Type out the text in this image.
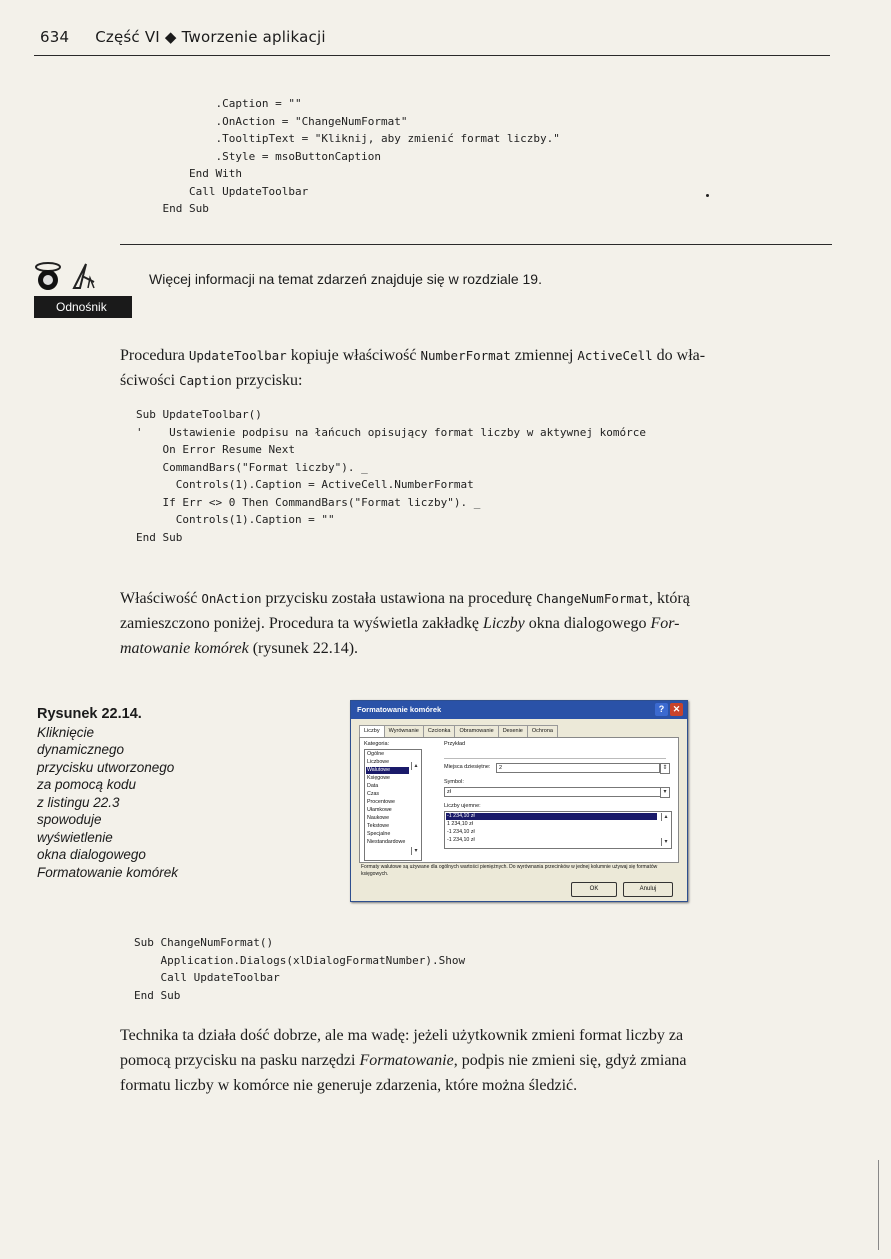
634 Część VI ◆ Tworzenie aplikacji
.Caption = ""
.OnAction = "ChangeNumFormat"
.TooltipText = "Kliknij, aby zmienić format liczby."
.Style = msoButtonCaption
End With
Call UpdateToolbar
End Sub
Odnośnik
Więcej informacji na temat zdarzeń znajduje się w rozdziale 19.

Procedura UpdateToolbar kopiuje właściwość NumberFormat zmiennej ActiveCell do wła-
ściwości Caption przycisku:

Sub UpdateToolbar()
'    Ustawienie podpisu na łańcuch opisujący format liczby w aktywnej komórce
On Error Resume Next
CommandBars("Format liczby"). _
Controls(1).Caption = ActiveCell.NumberFormat
If Err <> 0 Then CommandBars("Format liczby"). _
Controls(1).Caption = ""
End Sub

Właściwość OnAction przycisku została ustawiona na procedurę ChangeNumFormat, którą
zamieszczono poniżej. Procedura ta wyświetla zakładkę Liczby okna dialogowego For-
matowanie komórek (rysunek 22.14).

Rysunek 22.14.
Kliknięcie
dynamicznego
przycisku utworzonego
za pomocą kodu
z listingu 22.3
spowoduje
wyświetlenie
okna dialogowego
Formatowanie komórek
Formatowanie komórek	? ✕
Liczby	Wyrównanie	Czcionka	Obramowanie	Desenie	Ochrona
Kategoria:
Ogólne
Liczbowe
Walutowe
Księgowe
Data
Czas
Procentowe
Ułamkowe
Naukowe
Tekstowe
Specjalne
Niestandardowe
▴
▾
Przykład
Miejsca dziesiętne:	2	⇕
Symbol:
zł	▾
Liczby ujemne:
-1 234,10 zł
1 234,10 zł
-1 234,10 zł
-1 234,10 zł
▴
▾
Formaty walutowe są używane dla ogólnych wartości pieniężnych. Do wyrównania przecinków w jednej kolumnie używaj się formatów księgowych.
OK	Anuluj
Sub ChangeNumFormat()
Application.Dialogs(xlDialogFormatNumber).Show
Call UpdateToolbar
End Sub

Technika ta działa dość dobrze, ale ma wadę: jeżeli użytkownik zmieni format liczby za
pomocą przycisku na pasku narzędzi Formatowanie, podpis nie zmieni się, gdyż zmiana
formatu liczby w komórce nie generuje zdarzenia, które można śledzić.
